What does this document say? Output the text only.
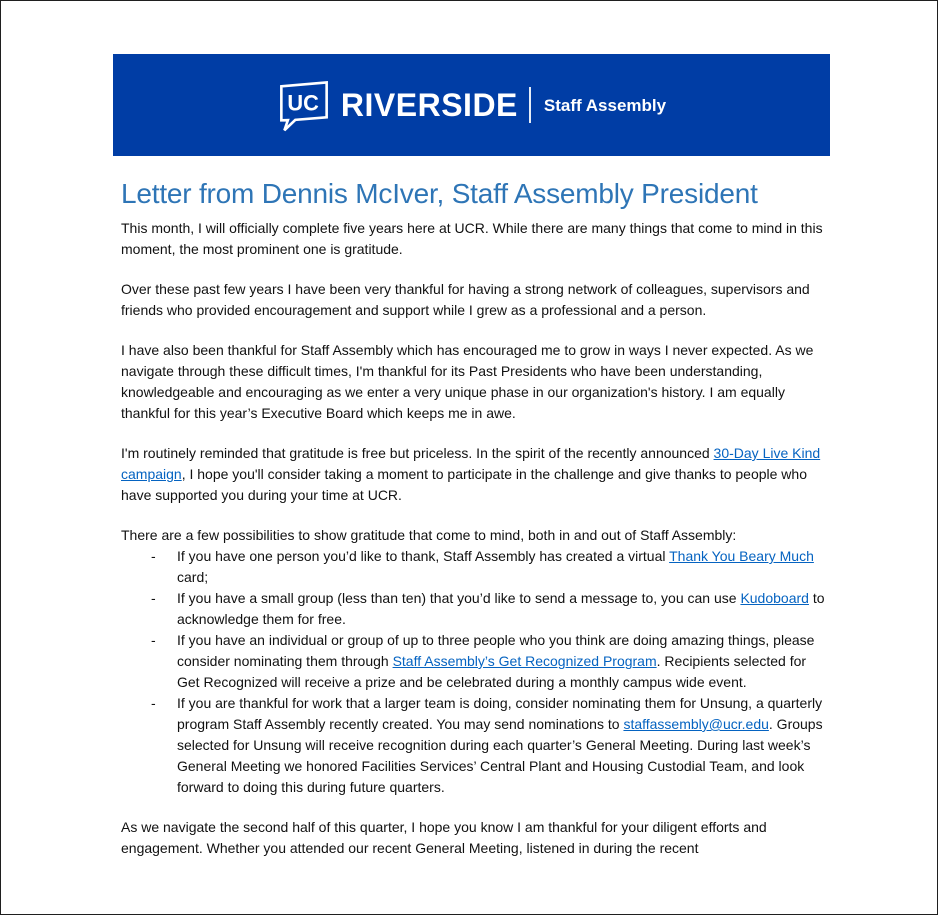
UC RIVERSIDE Staff Assembly
Letter from Dennis McIver, Staff Assembly President

This month, I will officially complete five years here at UCR. While there are many things that come to mind in this moment, the most prominent one is gratitude.

Over these past few years I have been very thankful for having a strong network of colleagues, supervisors and friends who provided encouragement and support while I grew as a professional and a person.

I have also been thankful for Staff Assembly which has encouraged me to grow in ways I never expected. As we navigate through these difficult times, I'm thankful for its Past Presidents who have been understanding, knowledgeable and encouraging as we enter a very unique phase in our organization's history. I am equally thankful for this year’s Executive Board which keeps me in awe.

I'm routinely reminded that gratitude is free but priceless. In the spirit of the recently announced 30-Day Live Kind campaign, I hope you'll consider taking a moment to participate in the challenge and give thanks to people who have supported you during your time at UCR.

There are a few possibilities to show gratitude that come to mind, both in and out of Staff Assembly:

-	If you have one person you’d like to thank, Staff Assembly has created a virtual Thank You Beary Much card;
-	If you have a small group (less than ten) that you’d like to send a message to, you can use Kudoboard to acknowledge them for free.
-	If you have an individual or group of up to three people who you think are doing amazing things, please consider nominating them through Staff Assembly’s Get Recognized Program. Recipients selected for Get Recognized will receive a prize and be celebrated during a monthly campus wide event.
-	If you are thankful for work that a larger team is doing, consider nominating them for Unsung, a quarterly program Staff Assembly recently created. You may send nominations to staffassembly@ucr.edu. Groups selected for Unsung will receive recognition during each quarter’s General Meeting. During last week’s General Meeting we honored Facilities Services’ Central Plant and Housing Custodial Team, and look forward to doing this during future quarters.

As we navigate the second half of this quarter, I hope you know I am thankful for your diligent efforts and engagement. Whether you attended our recent General Meeting, listened in during the recent
